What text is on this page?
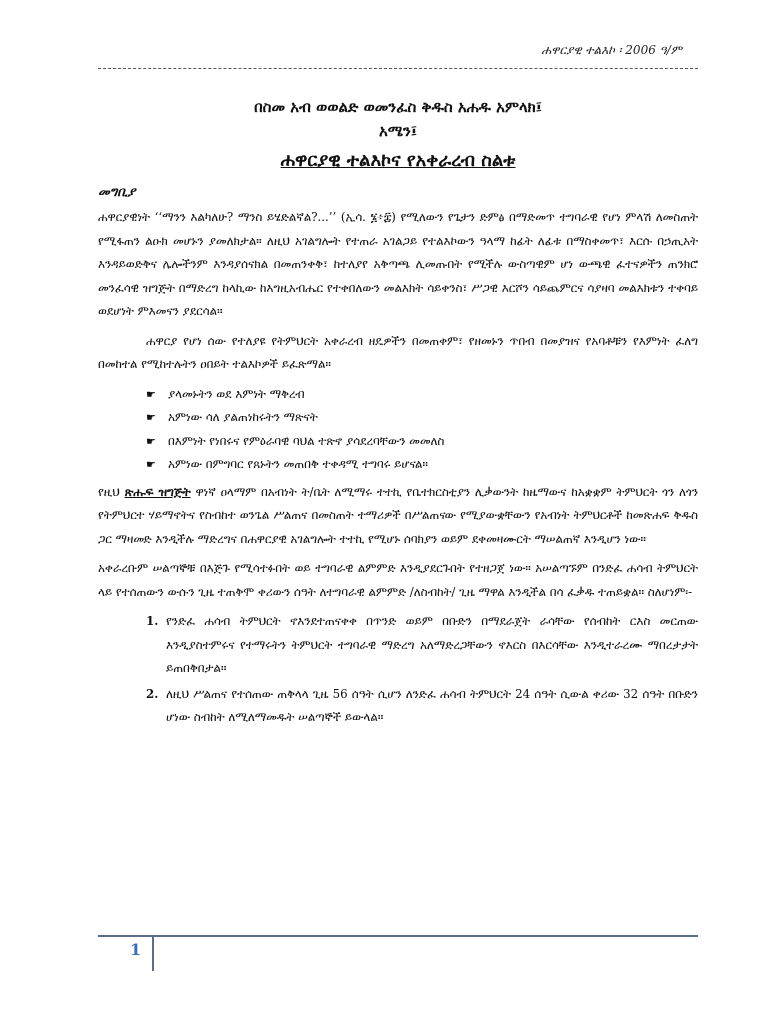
ሐዋርያዊ ተልእኮ ፡ 2006 ዓ/ም

በስመ አብ ወወልድ ወመንፈስ ቅዱስ አሐዱ አምላክ፤

አሜን፤

ሐዋርያዊ ተልእኮና የአቀራረብ ስልቱ
መግቢያ

ሐዋርያዊነት ‘‘ማንን እልካለሁ? ማንስ ይሄድልኛል?...’’ (ኢሳ. ፮፥፰) የሚለውን የጌታን ድምፅ በማድመጥ ተግባራዊ የሆነ ምላሽ ለመስጠት የሚፋጠን ልዑክ መሆኑን ያመለክታል። ለዚህ አገልግሎት የተጠራ አገልጋይ የተልእኮውን ዓላማ ከፊት ለፊቱ በማስቀመጥ፣ እርሱ በኃጢአት እንዳይወድቅና ሌሎችንም እንዳያሰናክል በመጠንቀቅ፣ ከተለያየ አቅጣጫ ሊመጡበት የሚችሉ ውስጣዊም ሆነ ውጫዊ ፈተናዎችን ጠንክሮ መንፈሳዊ ዝግጅት በማድረግ ከላኪው ከእግዚአብሔር የተቀበለውን መልእክት ሳይቀንስ፣ ሥጋዊ እርሾን ሳይጨምርና ሳያዛባ መልእክቱን ተቀባይ ወደሆነት ምእመናን ያደርሳል።

ሐዋርያ የሆነ ሰው የተለያዩ የትምህርት አቀራረብ ዘዴዎችን በመጠቀም፣ የዘመኑን ጥበብ በመያዝና የአባቶቹን የእምነት ፈለግ በመከተል የሚከተሉትን ዐበይት ተልእኮዎች ይፈጽማል።

☛	ያላመኑትን ወደ እምነት ማቅረብ
☛	አምነው ሳለ ያልጠነከሩትን ማጽናት
☛	በእምነት የነበሩና የምዕራባዊ ባህል ተጽኖ ያሳደረባቸውን መመለስ
☛	አምነው በምግባር የጸኑትን መጠበቅ ተቀዳሚ ተግባሩ ይሆናል።

የዚህ ጽሑፍ ዝግጅት ዋነኛ ዐላማም በአብነት ት/ቤት ለሚማሩ ተተኪ የቤተክርስቲያን ሊቃውንት ከዜማውና ከአቋቋም ትምህርት ጎን ለጎን የትምህርተ ሃይማኖትና የስብከተ ወንጌል ሥልጠና በመስጠት ተማሪዎች በሥልጠናው የሚያውቋቸውን የአብነት ትምህርቶች ከመጽሐፍ ቅዱስ ጋር ማዛመድ እንዲችሉ ማድረግና በሐዋርያዊ አገልግሎት ተተኪ የሚሆኑ ሰባክያን ወይም ደቀመዛሙርት ማሠልጠኛ እንዲሆን ነው።

አቀራረቡም ሠልጣኞቹ በእጅጉ የሚሳተፉበት ወይ ተግባራዊ ልምምድ እንዲያደርጉበት የተዘጋጀ ነው። አሠልጣኙም በንድፈ ሐሳብ ትምህርት ላይ የተሰጠውን ውሱን ጊዜ ተጠቅሞ ቀሪውን ሰዓት ለተግባራዊ ልምምድ /ለስብከት/ ጊዜ ማዋል እንዲችል በሳ ፈቃዱ ተጠይቋል። ስለሆነም፡-

1. የንድፈ ሐሳብ ትምህርት ኖእንደተጠናቀቀ በጥንድ ወይም በቡድን በማደራጀት ራሳቸው የሰብከት ርእስ መርጠው እንዲያስተምሩና የተማሩትን ትምህርት ተግባራዊ ማድረግ አለማድረጋቸውን ኖእርስ በእርሳቸው እንዲተራረሙ ማበረታታት ይጠበቅበታል።
2. ለዚህ ሥልጠና የተሰጠው ጠቅላላ ጊዜ 56 ሰዓት ሲሆን ለንድፈ ሐሳብ ትምህርት 24 ሰዓት ሲውል ቀሪው 32 ሰዓት በቡድን ሆነው ስብከት ለሚለማመዱት ሠልጣኞች ይውላል።
1
